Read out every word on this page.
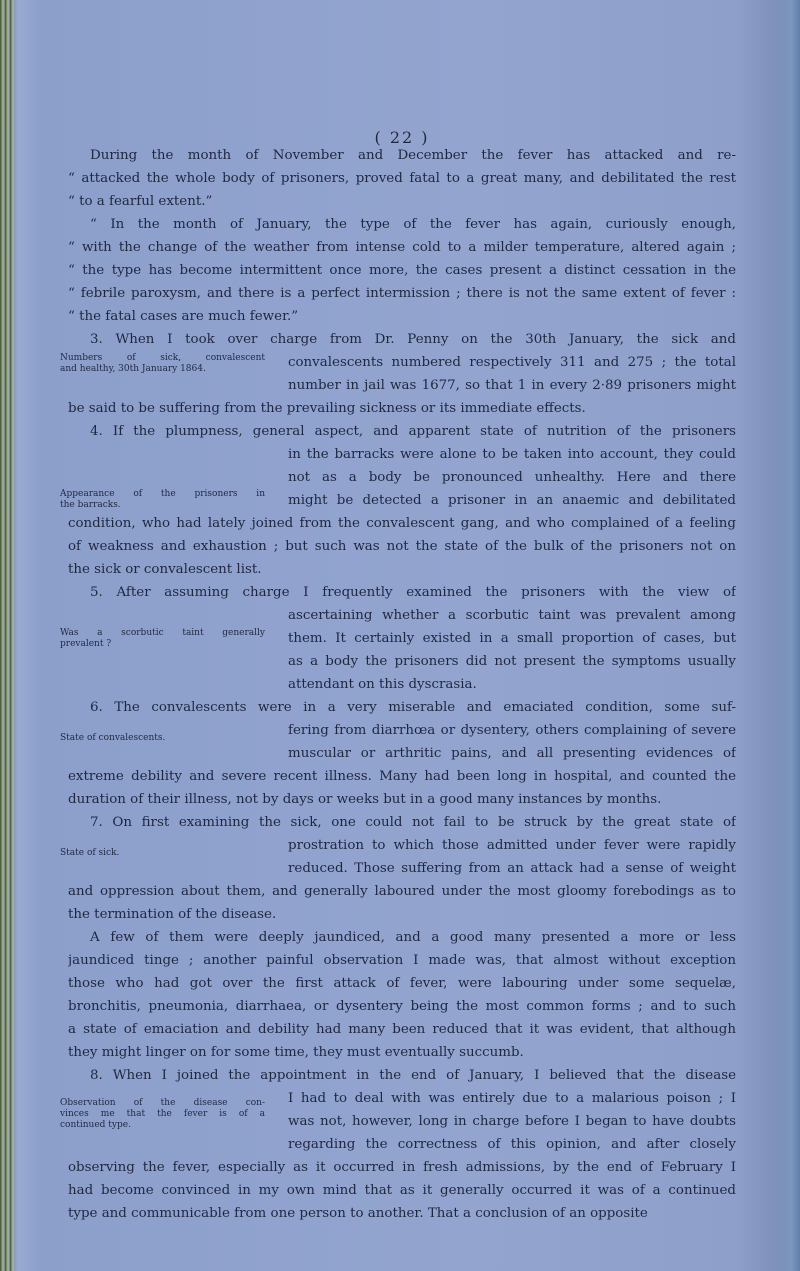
( 22 )
During the month of November and December the fever has attacked and re-
“ attacked the whole body of prisoners, proved fatal to a great many, and debilitated the rest
“ to a fearful extent.”
“ In the month of January, the type of the fever has again, curiously enough,
“ with the change of the weather from intense cold to a milder temperature, altered again ;
“ the type has become intermittent once more, the cases present a distinct cessation in the
“ febrile paroxysm, and there is a perfect intermission ; there is not the same extent of fever :
“ the fatal cases are much fewer.”
3. When I took over charge from Dr. Penny on the 30th January, the sick and
convalescents numbered respectively 311 and 275 ; the total
number in jail was 1677, so that 1 in every 2·89 prisoners might
be said to be suffering from the prevailing sickness or its immediate effects.
Numbers of sick, convalescent
and healthy, 30th January 1864.
4. If the plumpness, general aspect, and apparent state of nutrition of the prisoners
in the barracks were alone to be taken into account, they could
not as a body be pronounced unhealthy. Here and there
might be detected a prisoner in an anaemic and debilitated
condition, who had lately joined from the convalescent gang, and who complained of a feeling
of weakness and exhaustion ; but such was not the state of the bulk of the prisoners not on
the sick or convalescent list.
Appearance of the prisoners in
the barracks.
5. After assuming charge I frequently examined the prisoners with the view of
ascertaining whether a scorbutic taint was prevalent among
them. It certainly existed in a small proportion of cases, but
as a body the prisoners did not present the symptoms usually
attendant on this dyscrasia.
Was a scorbutic taint generally
prevalent ?
6. The convalescents were in a very miserable and emaciated condition, some suf-
fering from diarrhœa or dysentery, others complaining of severe
muscular or arthritic pains, and all presenting evidences of
extreme debility and severe recent illness. Many had been long in hospital, and counted the
duration of their illness, not by days or weeks but in a good many instances by months.
State of convalescents.
7. On first examining the sick, one could not fail to be struck by the great state of
prostration to which those admitted under fever were rapidly
reduced. Those suffering from an attack had a sense of weight
and oppression about them, and generally laboured under the most gloomy forebodings as to
the termination of the disease.
State of sick.
A few of them were deeply jaundiced, and a good many presented a more or less
jaundiced tinge ; another painful observation I made was, that almost without exception
those who had got over the first attack of fever, were labouring under some sequelæ,
bronchitis, pneumonia, diarrhaea, or dysentery being the most common forms ; and to such
a state of emaciation and debility had many been reduced that it was evident, that although
they might linger on for some time, they must eventually succumb.
8. When I joined the appointment in the end of January, I believed that the disease
I had to deal with was entirely due to a malarious poison ; I
was not, however, long in charge before I began to have doubts
regarding the correctness of this opinion, and after closely
observing the fever, especially as it occurred in fresh admissions, by the end of February I
had become convinced in my own mind that as it generally occurred it was of a continued
type and communicable from one person to another. That a conclusion of an opposite
Observation of the disease con-
vinces me that the fever is of a
continued type.
